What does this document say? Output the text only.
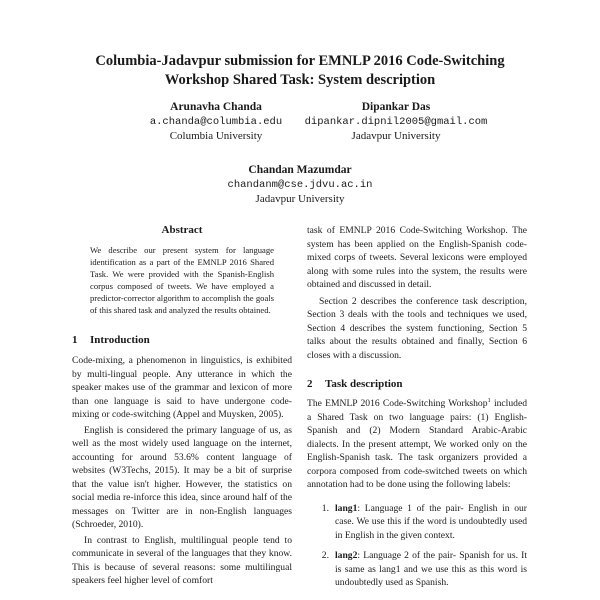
Columbia-Jadavpur submission for EMNLP 2016 Code-Switching
Workshop Shared Task: System description
Arunavha Chanda
a.chanda@columbia.edu
Columbia University
Dipankar Das
dipankar.dipnil2005@gmail.com
Jadavpur University
Chandan Mazumdar
chandanm@cse.jdvu.ac.in
Jadavpur University
Abstract

We describe our present system for language identification as a part of the EMNLP 2016 Shared Task. We were provided with the Spanish-English corpus composed of tweets. We have employed a predictor-corrector algorithm to accomplish the goals of this shared task and analyzed the results obtained.

1 Introduction

Code-mixing, a phenomenon in linguistics, is exhibited by multi-lingual people. Any utterance in which the speaker makes use of the grammar and lexicon of more than one language is said to have undergone code-mixing or code-switching (Appel and Muysken, 2005).

English is considered the primary language of us, as well as the most widely used language on the internet, accounting for around 53.6% content language of websites (W3Techs, 2015). It may be a bit of surprise that the value isn't higher. However, the statistics on social media re-inforce this idea, since around half of the messages on Twitter are in non-English languages (Schroeder, 2010).

In contrast to English, multilingual people tend to communicate in several of the languages that they know. This is because of several reasons: some multilingual speakers feel higher level of comfort

task of EMNLP 2016 Code-Switching Workshop. The system has been applied on the English-Spanish code-mixed corps of tweets. Several lexicons were employed along with some rules into the system, the results were obtained and discussed in detail.

Section 2 describes the conference task description, Section 3 deals with the tools and techniques we used, Section 4 describes the system functioning, Section 5 talks about the results obtained and finally, Section 6 closes with a discussion.

2 Task description

The EMNLP 2016 Code-Switching Workshop$^1$ included a Shared Task on two language pairs: (1) English-Spanish and (2) Modern Standard Arabic-Arabic dialects. In the present attempt, We worked only on the English-Spanish task. The task organizers provided a corpora composed from code-switched tweets on which annotation had to be done using the following labels:

1. lang1: Language 1 of the pair- English in our case. We use this if the word is undoubtedly used in English in the given context.
2. lang2: Language 2 of the pair- Spanish for us. It is same as lang1 and we use this as this word is undoubtedly used as Spanish.
